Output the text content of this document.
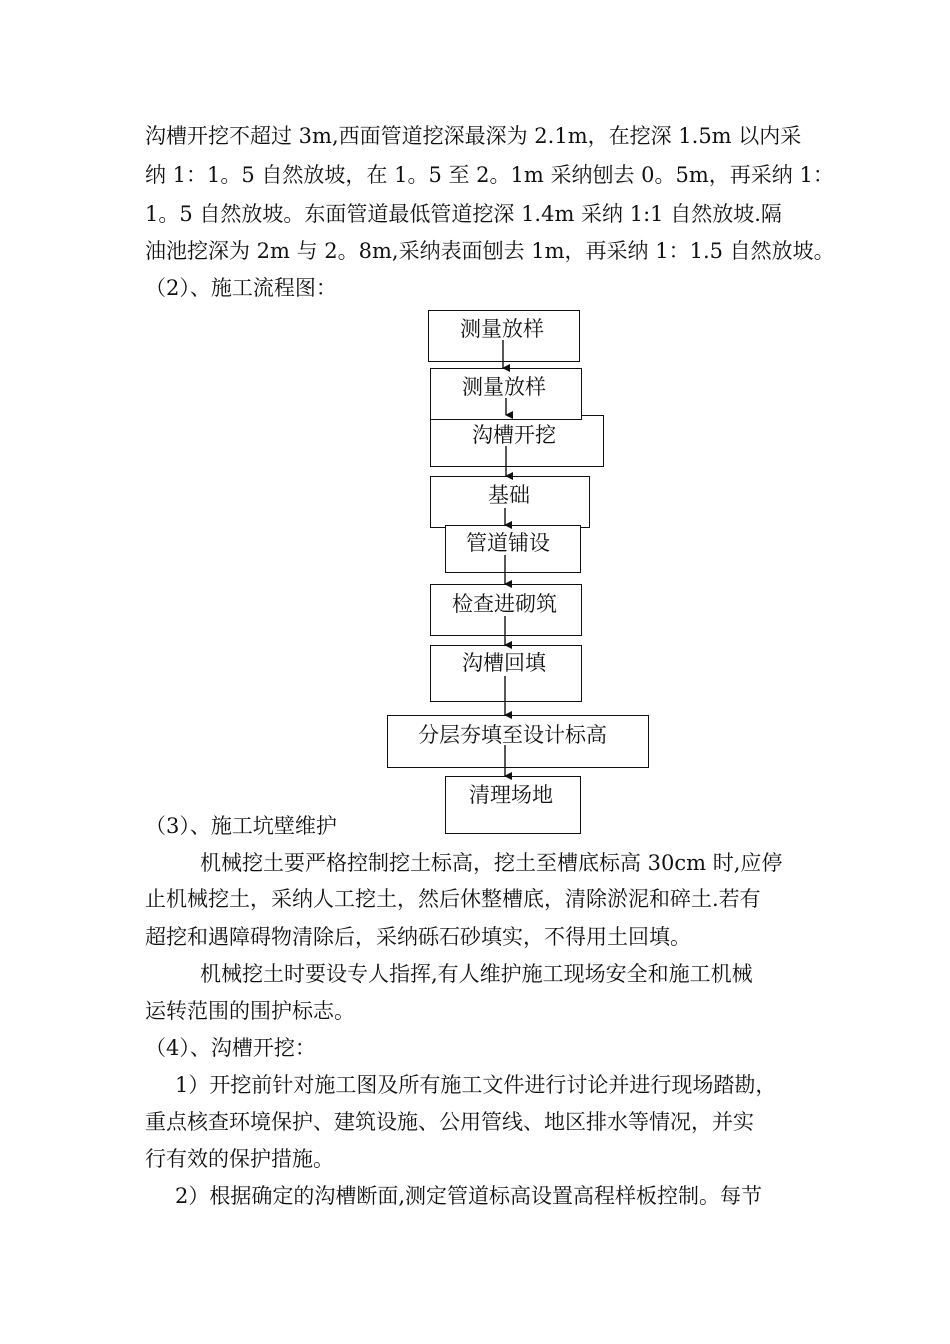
沟槽开挖不超过 3m,西面管道挖深最深为 2.1m，在挖深 1.5m 以内采
纳 1：1。5 自然放坡，在 1。5 至 2。1m 采纳刨去 0。5m，再采纳 1：
1。5 自然放坡。东面管道最低管道挖深 1.4m 采纳 1:1 自然放坡.隔
油池挖深为 2m 与 2。8m,采纳表面刨去 1m，再采纳 1：1.5 自然放坡。
（2）、施工流程图：
测量放样
测量放样
沟槽开挖
基础
管道铺设
检查进砌筑
沟槽回填
分层夯填至设计标高
清理场地
（3）、施工坑壁维护
机械挖土要严格控制挖土标高，挖土至槽底标高 30cm 时,应停
止机械挖土，采纳人工挖土，然后休整槽底，清除淤泥和碎土.若有
超挖和遇障碍物清除后，采纳砾石砂填实，不得用土回填。
机械挖土时要设专人指挥,有人维护施工现场安全和施工机械
运转范围的围护标志。
（4）、沟槽开挖：
1）开挖前针对施工图及所有施工文件进行讨论并进行现场踏勘，
重点核查环境保护、建筑设施、公用管线、地区排水等情况，并实
行有效的保护措施。
2）根据确定的沟槽断面,测定管道标高设置高程样板控制。每节
